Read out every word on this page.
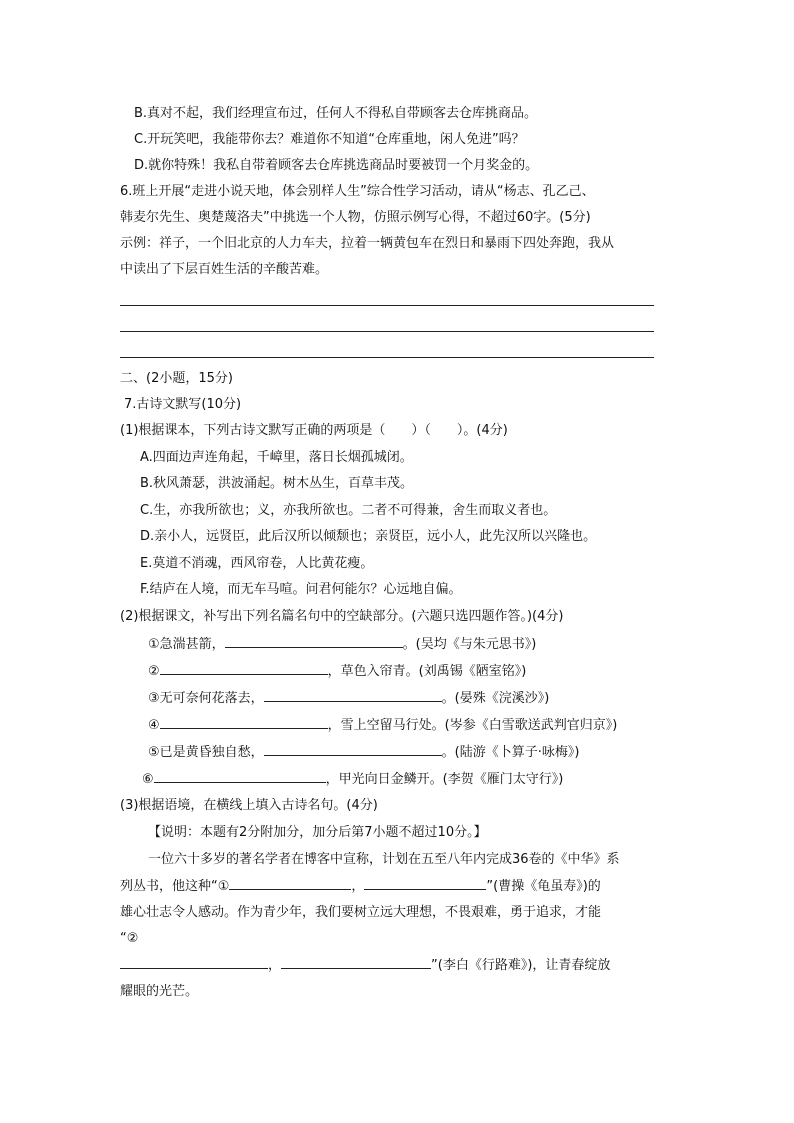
B.真对不起，我们经理宣布过，任何人不得私自带顾客去仓库挑商品。
C.开玩笑吧，我能带你去？难道你不知道“仓库重地，闲人免进”吗？
D.就你特殊！我私自带着顾客去仓库挑选商品时要被罚一个月奖金的。
6.班上开展“走进小说天地，体会别样人生”综合性学习活动，请从“杨志、孔乙己、
韩麦尔先生、奥楚蔑洛夫”中挑选一个人物，仿照示例写心得，不超过60字。(5分)
示例：祥子，一个旧北京的人力车夫，拉着一辆黄包车在烈日和暴雨下四处奔跑，我从
中读出了下层百姓生活的辛酸苦难。
二、(2小题，15分)
7.古诗文默写(10分)
(1)根据课本，下列古诗文默写正确的两项是（　　）（　　）。(4分)
A.四面边声连角起，千嶂里，落日长烟孤城闭。
B.秋风萧瑟，洪波涌起。树木丛生，百草丰茂。
C.生，亦我所欲也；义，亦我所欲也。二者不可得兼，舍生而取义者也。
D.亲小人，远贤臣，此后汉所以倾颓也；亲贤臣，远小人，此先汉所以兴隆也。
E.莫道不消魂，西风帘卷，人比黄花瘦。
F.结庐在人境，而无车马喧。问君何能尔？心远地自偏。
(2)根据课文，补写出下列名篇名句中的空缺部分。(六题只选四题作答。)(4分)
①急湍甚箭，	。(吴均《与朱元思书》)
②	，草色入帘青。(刘禹锡《陋室铭》)
③无可奈何花落去，	。(晏殊《浣溪沙》)
④	，雪上空留马行处。(岑参《白雪歌送武判官归京》)
⑤已是黄昏独自愁，	。(陆游《卜算子·咏梅》)
⑥	，甲光向日金鳞开。(李贺《雁门太守行》)
(3)根据语境，在横线上填入古诗名句。(4分)
【说明：本题有2分附加分，加分后第7小题不超过10分。】
一位六十多岁的著名学者在博客中宣称，计划在五至八年内完成36卷的《中华》系
列丛书，他这种“①	，	”(曹操《龟虽寿》)的
雄心壮志令人感动。作为青少年，我们要树立远大理想，不畏艰难，勇于追求，才能
“②
，	”(李白《行路难》)，让青春绽放
耀眼的光芒。
